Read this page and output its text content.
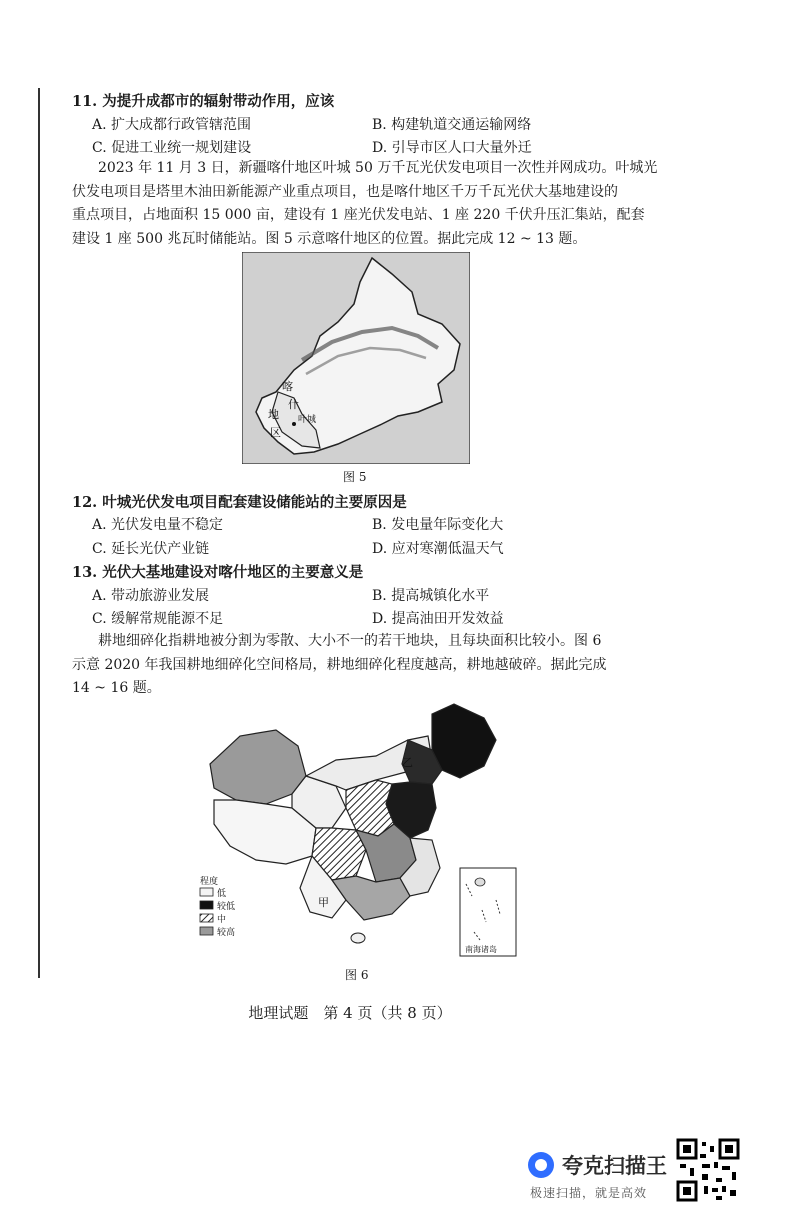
11. 为提升成都市的辐射带动作用，应该
A. 扩大成都行政管辖范围	B. 构建轨道交通运输网络
C. 促进工业统一规划建设	D. 引导市区人口大量外迁
2023 年 11 月 3 日，新疆喀什地区叶城 50 万千瓦光伏发电项目一次性并网成功。叶城光
伏发电项目是塔里木油田新能源产业重点项目，也是喀什地区千万千瓦光伏大基地建设的
重点项目，占地面积 15 000 亩，建设有 1 座光伏发电站、1 座 220 千伏升压汇集站，配套
建设 1 座 500 兆瓦时储能站。图 5 示意喀什地区的位置。据此完成 12 ~ 13 题。
喀
什
地
区
叶城
图 5
12. 叶城光伏发电项目配套建设储能站的主要原因是
A. 光伏发电量不稳定	B. 发电量年际变化大
C. 延长光伏产业链	D. 应对寒潮低温天气
13. 光伏大基地建设对喀什地区的主要意义是
A. 带动旅游业发展	B. 提高城镇化水平
C. 缓解常规能源不足	D. 提高油田开发效益
耕地细碎化指耕地被分割为零散、大小不一的若干地块，且每块面积比较小。图 6
示意 2020 年我国耕地细碎化空间格局，耕地细碎化程度越高，耕地越破碎。据此完成
14 ~ 16 题。
甲
乙
南海诸岛
程度
低
较低
中
较高
图 6
地理试题　第 4 页（共 8 页）
夸克扫描王
极速扫描，就是高效
